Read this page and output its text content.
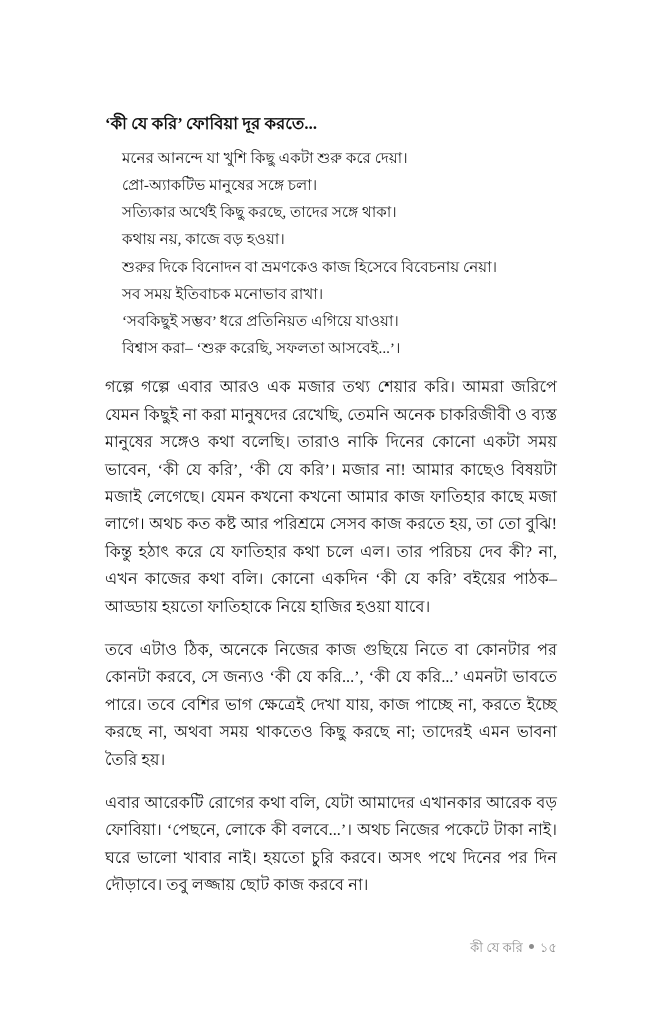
‘কী যে করি’ ফোবিয়া দূর করতে...
মনের আনন্দে যা খুশি কিছু একটা শুরু করে দেয়া।
প্রো-অ্যাকটিভ মানুষের সঙ্গে চলা।
সত্যিকার অর্থেই কিছু করছে, তাদের সঙ্গে থাকা।
কথায় নয়, কাজে বড় হওয়া।
শুরুর দিকে বিনোদন বা ভ্রমণকেও কাজ হিসেবে বিবেচনায় নেয়া।
সব সময় ইতিবাচক মনোভাব রাখা।
‘সবকিছুই সম্ভব’ ধরে প্রতিনিয়ত এগিয়ে যাওয়া।
বিশ্বাস করা– ‘শুরু করেছি, সফলতা আসবেই...’।

গল্পে গল্পে এবার আরও এক মজার তথ্য শেয়ার করি। আমরা জরিপে যেমন কিছুই না করা মানুষদের রেখেছি, তেমনি অনেক চাকরিজীবী ও ব্যস্ত মানুষের সঙ্গেও কথা বলেছি। তারাও নাকি দিনের কোনো একটা সময় ভাবেন, ‘কী যে করি’, ‘কী যে করি’। মজার না! আমার কাছেও বিষয়টা মজাই লেগেছে। যেমন কখনো কখনো আমার কাজ ফাতিহার কাছে মজা লাগে। অথচ কত কষ্ট আর পরিশ্রমে সেসব কাজ করতে হয়, তা তো বুঝি! কিন্তু হঠাৎ করে যে ফাতিহার কথা চলে এল। তার পরিচয় দেব কী? না, এখন কাজের কথা বলি। কোনো একদিন ‘কী যে করি’ বইয়ের পাঠক–আড্ডায় হয়তো ফাতিহাকে নিয়ে হাজির হওয়া যাবে।

তবে এটাও ঠিক, অনেকে নিজের কাজ গুছিয়ে নিতে বা কোনটার পর কোনটা করবে, সে জন্যও ‘কী যে করি...’, ‘কী যে করি...’ এমনটা ভাবতে পারে। তবে বেশির ভাগ ক্ষেত্রেই দেখা যায়, কাজ পাচ্ছে না, করতে ইচ্ছে করছে না, অথবা সময় থাকতেও কিছু করছে না; তাদেরই এমন ভাবনা তৈরি হয়।

এবার আরেকটি রোগের কথা বলি, যেটা আমাদের এখানকার আরেক বড় ফোবিয়া। ‘পেছনে, লোকে কী বলবে...’। অথচ নিজের পকেটে টাকা নাই। ঘরে ভালো খাবার নাই। হয়তো চুরি করবে। অসৎ পথে দিনের পর দিন দৌড়াবে। তবু লজ্জায় ছোট কাজ করবে না।

কী যে করি ১৫
